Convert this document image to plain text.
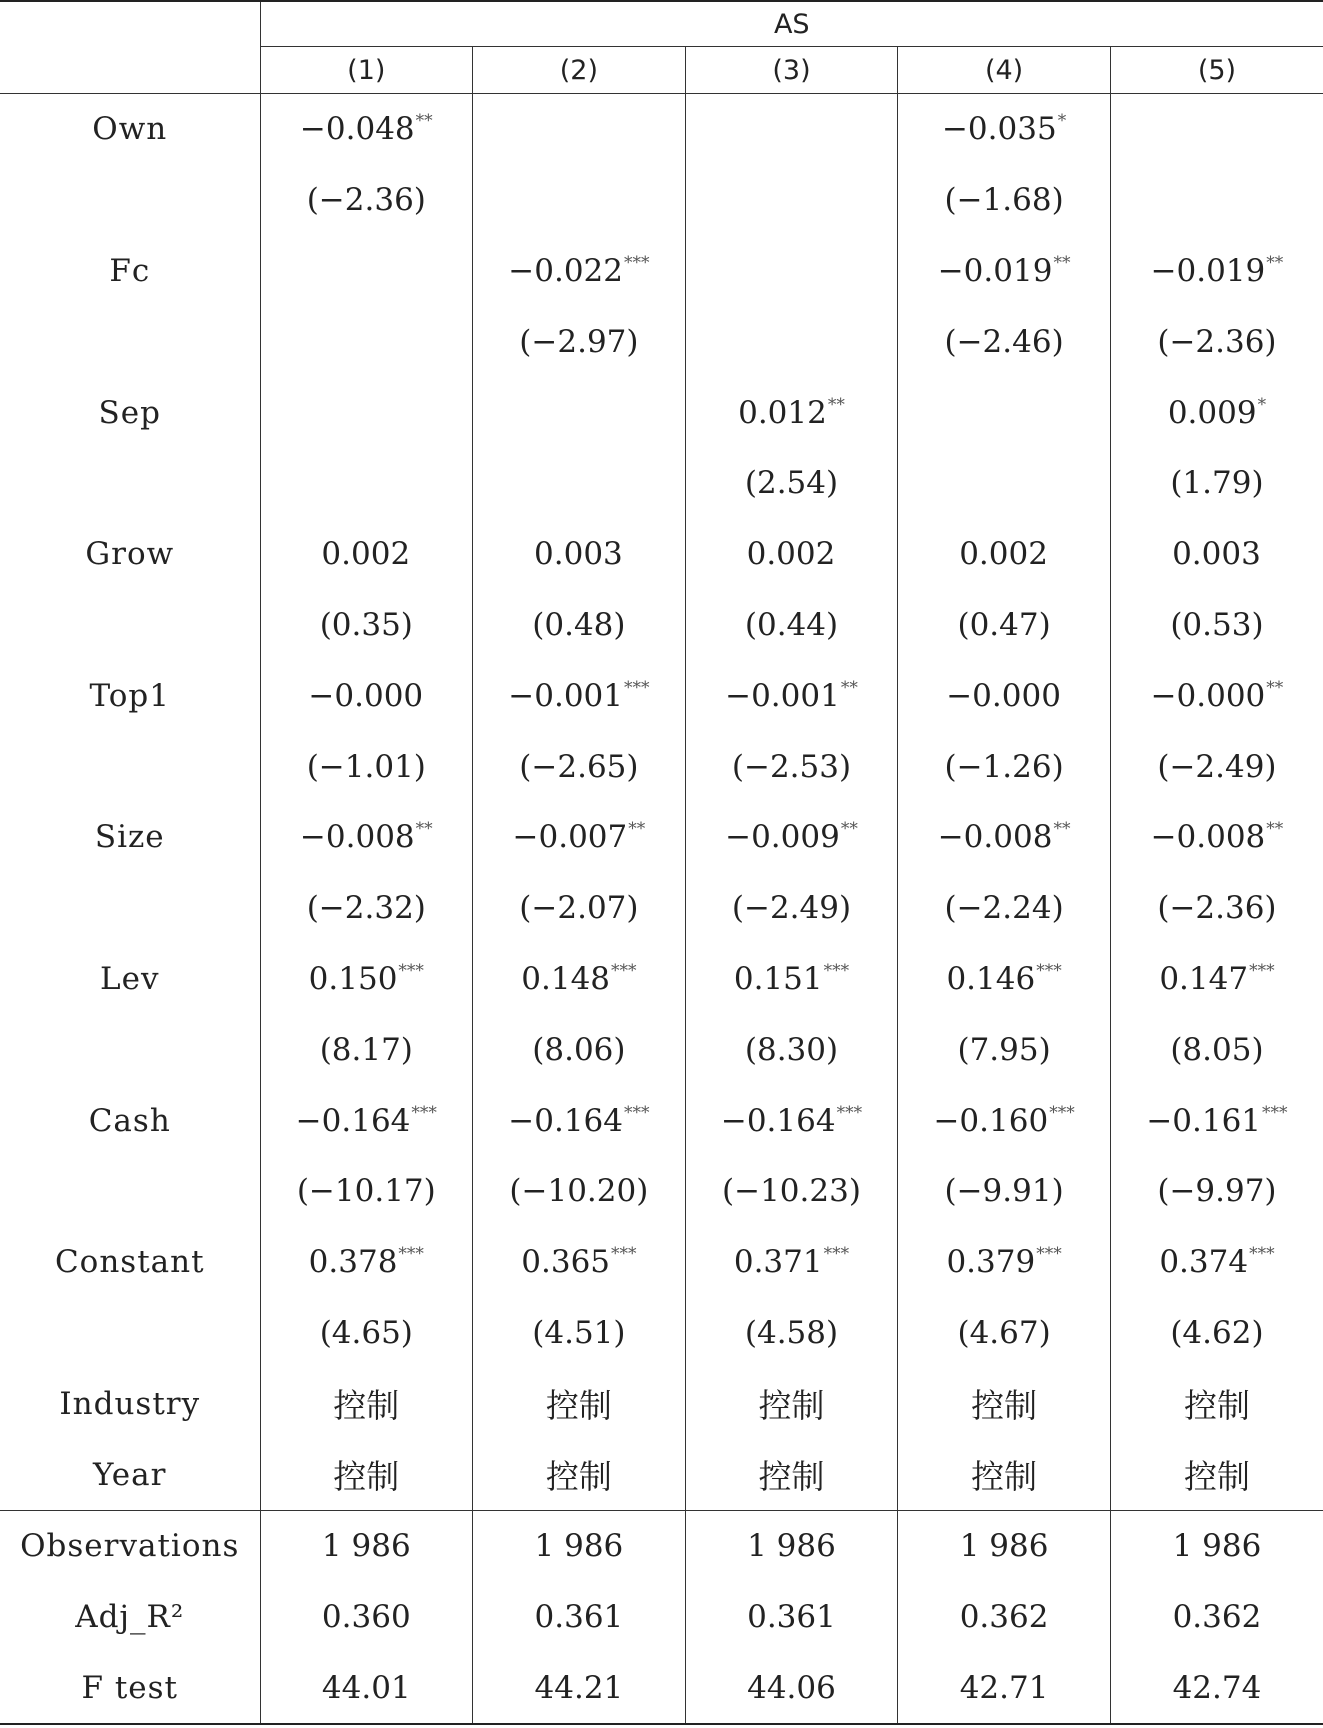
	AS				
	(1)	(2)	(3)	(4)	(5)
Own	−0.048**			−0.035*	
	(−2.36)			(−1.68)	
Fc		−0.022***		−0.019**	−0.019**
		(−2.97)		(−2.46)	(−2.36)
Sep			0.012**		0.009*
			(2.54)		(1.79)
Grow	0.002	0.003	0.002	0.002	0.003
	(0.35)	(0.48)	(0.44)	(0.47)	(0.53)
Top1	−0.000	−0.001***	−0.001**	−0.000	−0.000**
	(−1.01)	(−2.65)	(−2.53)	(−1.26)	(−2.49)
Size	−0.008**	−0.007**	−0.009**	−0.008**	−0.008**
	(−2.32)	(−2.07)	(−2.49)	(−2.24)	(−2.36)
Lev	0.150***	0.148***	0.151***	0.146***	0.147***
	(8.17)	(8.06)	(8.30)	(7.95)	(8.05)
Cash	−0.164***	−0.164***	−0.164***	−0.160***	−0.161***
	(−10.17)	(−10.20)	(−10.23)	(−9.91)	(−9.97)
Constant	0.378***	0.365***	0.371***	0.379***	0.374***
	(4.65)	(4.51)	(4.58)	(4.67)	(4.62)
Industry	控制	控制	控制	控制	控制
Year	控制	控制	控制	控制	控制
Observations	1 986	1 986	1 986	1 986	1 986
Adj_R²	0.360	0.361	0.361	0.362	0.362
F test	44.01	44.21	44.06	42.71	42.74
